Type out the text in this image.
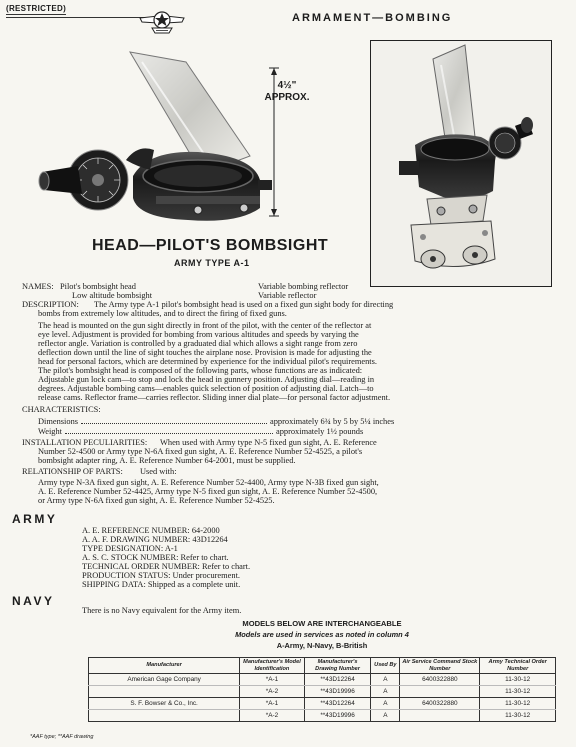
(RESTRICTED)
ARMAMENT—BOMBING
4½"
APPROX.
HEAD—PILOT'S BOMBSIGHT
ARMY TYPE A-1
NAMES: Pilot's bombsight head
Low altitude bombsight
Variable bombing reflector
Variable reflector
DESCRIPTION: The Army type A-1 pilot's bombsight head is used on a fixed gun sight body for directing
bombs from extremely low altitudes, and to direct the firing of fixed guns.
The head is mounted on the gun sight directly in front of the pilot, with the center of the reflector at
eye level. Adjustment is provided for bombing from various altitudes and speeds by varying the
reflector angle. Variation is controlled by a graduated dial which allows a sight range from zero
deflection down until the line of sight touches the airplane nose. Provision is made for adjusting the
head for personal factors, which are determined by experience for the individual pilot's requirements.
The pilot's bombsight head is composed of the following parts, whose functions are as indicated:
Adjustable gun lock cam—to stop and lock the head in gunnery position. Adjusting dial—reading in
degrees. Adjustable bombing cams—enables quick selection of position of adjusting dial. Latch—to
release cams. Reflector frame—carries reflector. Sliding inner dial plate—for personal factor adjustment.
CHARACTERISTICS:
Dimensions	approximately 6¾ by 5 by 5¼ inches
Weight	approximately 1½ pounds
INSTALLATION PECULIARITIES: When used with Army type N-5 fixed gun sight, A. E. Reference
Number 52-4500 or Army type N-6A fixed gun sight, A. E. Reference Number 52-4525, a pilot's
bombsight adapter ring, A. E. Reference Number 64-2001, must be supplied.
RELATIONSHIP OF PARTS: Used with:
Army type N-3A fixed gun sight, A. E. Reference Number 52-4400, Army type N-3B fixed gun sight,
A. E. Reference Number 52-4425, Army type N-5 fixed gun sight, A. E. Reference Number 52-4500,
or Army type N-6A fixed gun sight, A. E. Reference Number 52-4525.
ARMY
A. E. REFERENCE NUMBER: 64-2000
A. A. F. DRAWING NUMBER: 43D12264
TYPE DESIGNATION: A-1
A. S. C. STOCK NUMBER: Refer to chart.
TECHNICAL ORDER NUMBER: Refer to chart.
PRODUCTION STATUS: Under procurement.
SHIPPING DATA: Shipped as a complete unit.
NAVY
There is no Navy equivalent for the Army item.
MODELS BELOW ARE INTERCHANGEABLE
Models are used in services as noted in column 4
A-Army, N-Navy, B-British
Manufacturer	Manufacturer's Model Identification	Manufacturer's Drawing Number	Used By	Air Service Command Stock Number	Army Technical Order Number
American Gage Company	*A-1	**43D12264	A	6400322880	11-30-12
	*A-2	**43D19996	A		11-30-12
S. F. Bowser & Co., Inc.	*A-1	**43D12264	A	6400322880	11-30-12
	*A-2	**43D19996	A		11-30-12
*AAF type; **AAF drawing
